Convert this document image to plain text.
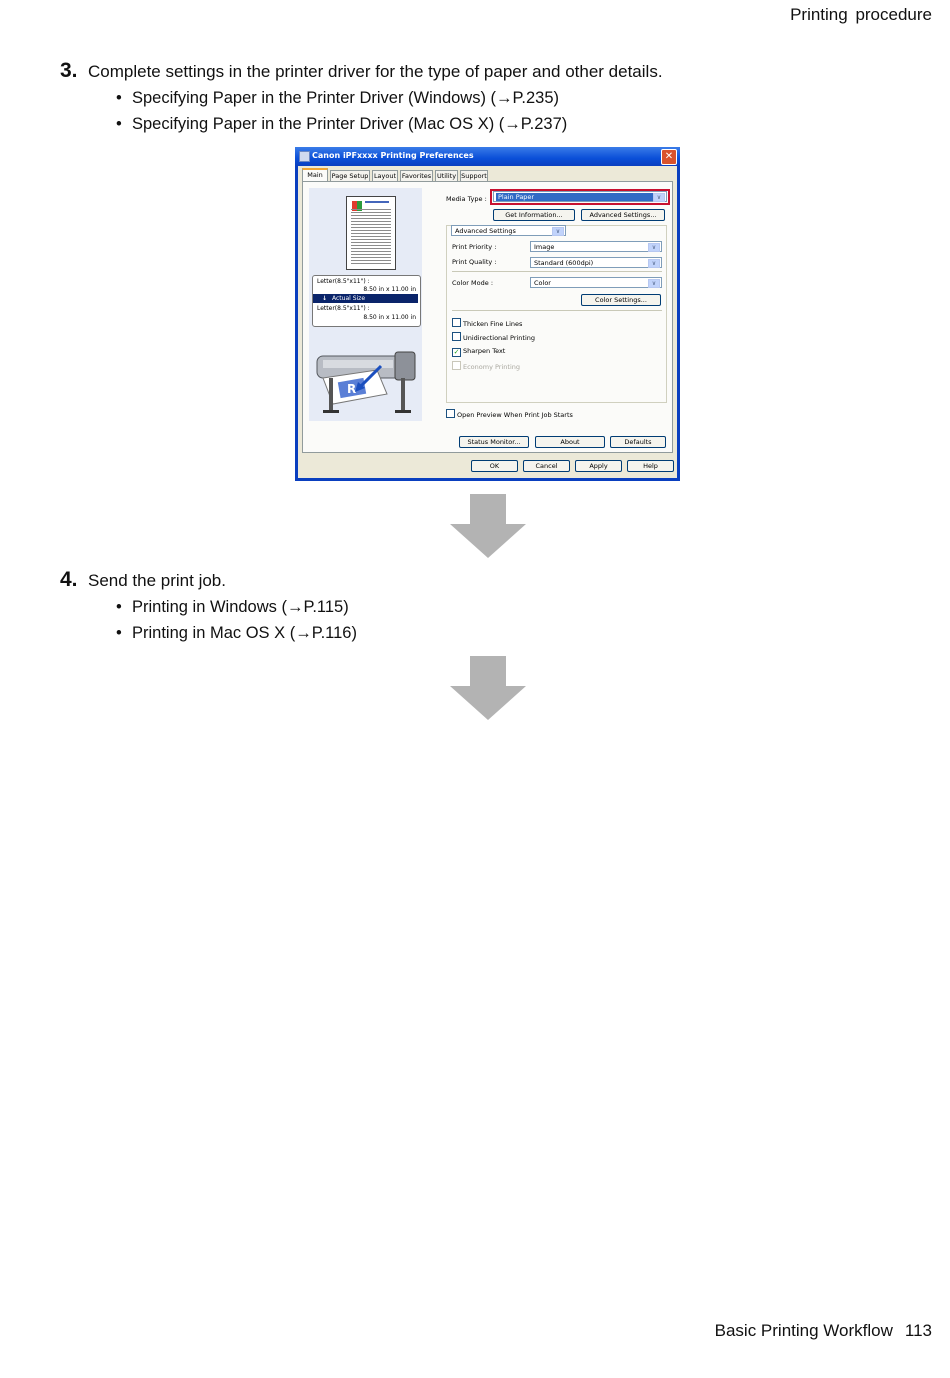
Printing procedure
3. Complete settings in the printer driver for the type of paper and other details.
• Specifying Paper in the Printer Driver (Windows) (→P.235)
• Specifying Paper in the Printer Driver (Mac OS X) (→P.237)
Canon iPFxxxx Printing Preferences	✕
Main	Page Setup Layout Favorites Utility Support
Letter(8.5"x11") :
8.50 in x 11.00 in
↓ Actual Size
Letter(8.5"x11") :
8.50 in x 11.00 in
R
Media Type :	Plain Paper	∨
Get Information...	Advanced Settings...
Advanced Settings	∨
Print Priority :	Image	∨
Print Quality :	Standard (600dpi)	∨
Color Mode :	Color	∨
Color Settings...
Thicken Fine Lines
Unidirectional Printing
✓ Sharpen Text
Economy Printing
Open Preview When Print Job Starts
Status Monitor...	About	Defaults
OK	Cancel	Apply	Help
4. Send the print job.
• Printing in Windows (→P.115)
• Printing in Mac OS X (→P.116)
Basic Printing Workflow 113
